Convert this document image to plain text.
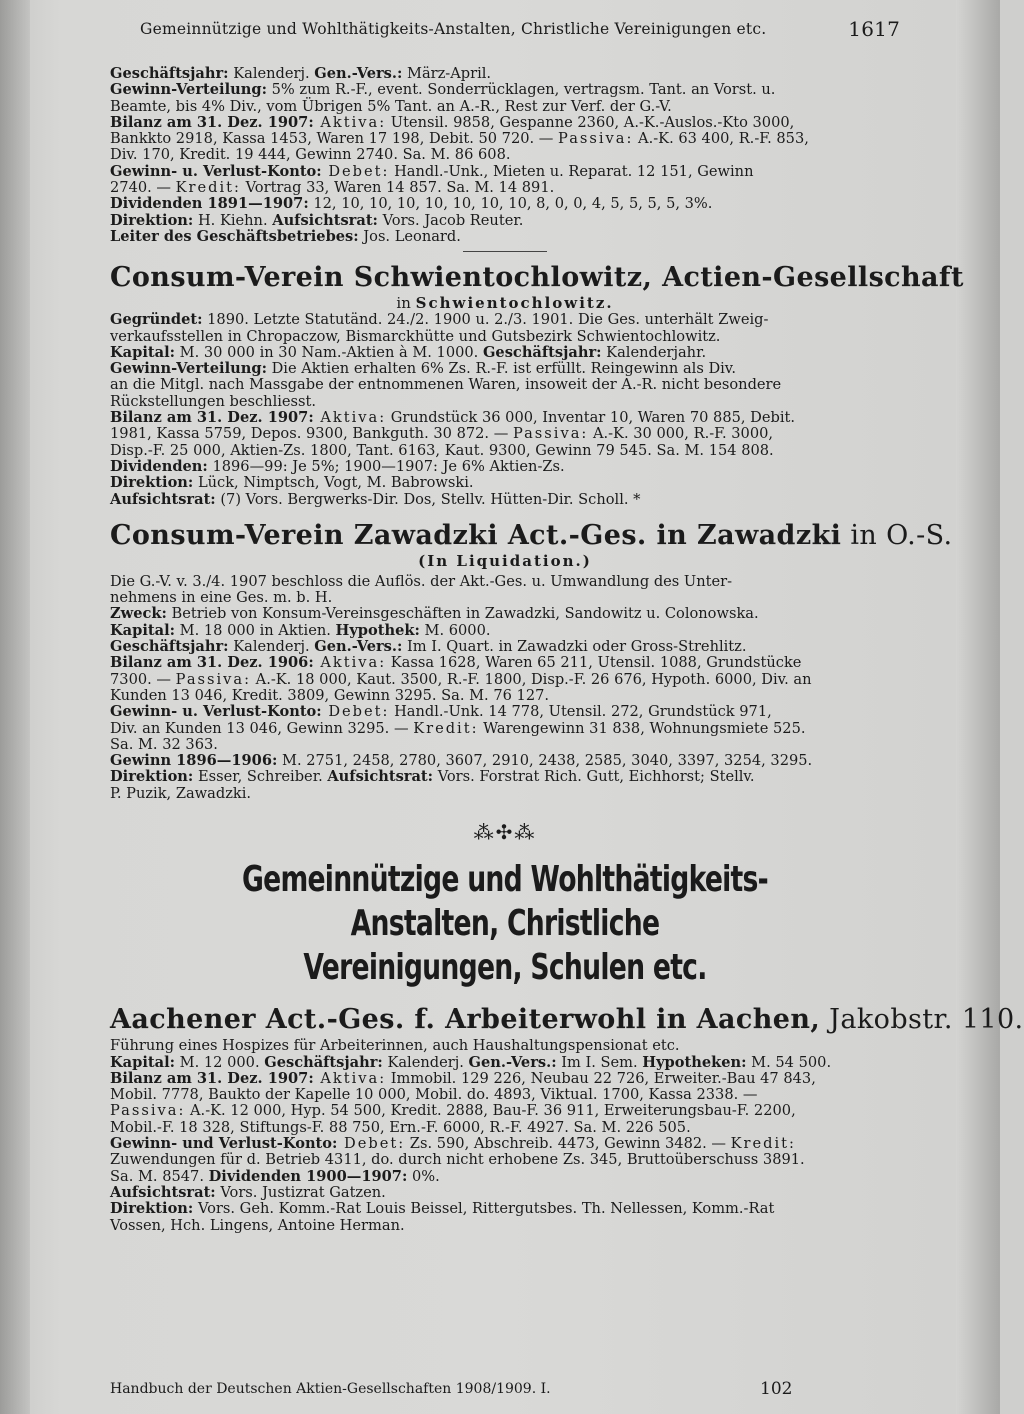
Gemeinnützige und Wohlthätigkeits-Anstalten, Christliche Vereinigungen etc.	1617
Geschäftsjahr: Kalenderj. Gen.-Vers.: März-April.
Gewinn-Verteilung: 5% zum R.-F., event. Sonderrücklagen, vertragsm. Tant. an Vorst. u.
Beamte, bis 4% Div., vom Übrigen 5% Tant. an A.-R., Rest zur Verf. der G.-V.
Bilanz am 31. Dez. 1907: Aktiva: Utensil. 9858, Gespanne 2360, A.-K.-Auslos.-Kto 3000,
Bankkto 2918, Kassa 1453, Waren 17 198, Debit. 50 720. — Passiva: A.-K. 63 400, R.-F. 853,
Div. 170, Kredit. 19 444, Gewinn 2740. Sa. M. 86 608.
Gewinn- u. Verlust-Konto: Debet: Handl.-Unk., Mieten u. Reparat. 12 151, Gewinn
2740. — Kredit: Vortrag 33, Waren 14 857. Sa. M. 14 891.
Dividenden 1891—1907: 12, 10, 10, 10, 10, 10, 10, 10, 8, 0, 0, 4, 5, 5, 5, 5, 3%.
Direktion: H. Kiehn. Aufsichtsrat: Vors. Jacob Reuter.
Leiter des Geschäftsbetriebes: Jos. Leonard.
Consum-Verein Schwientochlowitz, Actien-Gesellschaft
in Schwientochlowitz.
Gegründet: 1890. Letzte Statutänd. 24./2. 1900 u. 2./3. 1901. Die Ges. unterhält Zweig-
verkaufsstellen in Chropaczow, Bismarckhütte und Gutsbezirk Schwientochlowitz.
Kapital: M. 30 000 in 30 Nam.-Aktien à M. 1000. Geschäftsjahr: Kalenderjahr.
Gewinn-Verteilung: Die Aktien erhalten 6% Zs. R.-F. ist erfüllt. Reingewinn als Div.
an die Mitgl. nach Massgabe der entnommenen Waren, insoweit der A.-R. nicht besondere
Rückstellungen beschliesst.
Bilanz am 31. Dez. 1907: Aktiva: Grundstück 36 000, Inventar 10, Waren 70 885, Debit.
1981, Kassa 5759, Depos. 9300, Bankguth. 30 872. — Passiva: A.-K. 30 000, R.-F. 3000,
Disp.-F. 25 000, Aktien-Zs. 1800, Tant. 6163, Kaut. 9300, Gewinn 79 545. Sa. M. 154 808.
Dividenden: 1896—99: Je 5%; 1900—1907: Je 6% Aktien-Zs.
Direktion: Lück, Nimptsch, Vogt, M. Babrowski.
Aufsichtsrat: (7) Vors. Bergwerks-Dir. Dos, Stellv. Hütten-Dir. Scholl. *
Consum-Verein Zawadzki Act.-Ges. in Zawadzki in O.-S.
(In Liquidation.)
Die G.-V. v. 3./4. 1907 beschloss die Auflös. der Akt.-Ges. u. Umwandlung des Unter-
nehmens in eine Ges. m. b. H.
Zweck: Betrieb von Konsum-Vereinsgeschäften in Zawadzki, Sandowitz u. Colonowska.
Kapital: M. 18 000 in Aktien. Hypothek: M. 6000.
Geschäftsjahr: Kalenderj. Gen.-Vers.: Im I. Quart. in Zawadzki oder Gross-Strehlitz.
Bilanz am 31. Dez. 1906: Aktiva: Kassa 1628, Waren 65 211, Utensil. 1088, Grundstücke
7300. — Passiva: A.-K. 18 000, Kaut. 3500, R.-F. 1800, Disp.-F. 26 676, Hypoth. 6000, Div. an
Kunden 13 046, Kredit. 3809, Gewinn 3295. Sa. M. 76 127.
Gewinn- u. Verlust-Konto: Debet: Handl.-Unk. 14 778, Utensil. 272, Grundstück 971,
Div. an Kunden 13 046, Gewinn 3295. — Kredit: Warengewinn 31 838, Wohnungsmiete 525.
Sa. M. 32 363.
Gewinn 1896—1906: M. 2751, 2458, 2780, 3607, 2910, 2438, 2585, 3040, 3397, 3254, 3295.
Direktion: Esser, Schreiber. Aufsichtsrat: Vors. Forstrat Rich. Gutt, Eichhorst; Stellv.
P. Puzik, Zawadzki.
⁂✣⁂
Gemeinnützige und Wohlthätigkeits-Anstalten, Christliche
Vereinigungen, Schulen etc.
Aachener Act.-Ges. f. Arbeiterwohl in Aachen, Jakobstr. 110.
Führung eines Hospizes für Arbeiterinnen, auch Haushaltungspensionat etc.
Kapital: M. 12 000. Geschäftsjahr: Kalenderj. Gen.-Vers.: Im I. Sem. Hypotheken: M. 54 500.
Bilanz am 31. Dez. 1907: Aktiva: Immobil. 129 226, Neubau 22 726, Erweiter.-Bau 47 843,
Mobil. 7778, Baukto der Kapelle 10 000, Mobil. do. 4893, Viktual. 1700, Kassa 2338. —
Passiva: A.-K. 12 000, Hyp. 54 500, Kredit. 2888, Bau-F. 36 911, Erweiterungsbau-F. 2200,
Mobil.-F. 18 328, Stiftungs-F. 88 750, Ern.-F. 6000, R.-F. 4927. Sa. M. 226 505.
Gewinn- und Verlust-Konto: Debet: Zs. 590, Abschreib. 4473, Gewinn 3482. — Kredit:
Zuwendungen für d. Betrieb 4311, do. durch nicht erhobene Zs. 345, Bruttoüberschuss 3891.
Sa. M. 8547. Dividenden 1900—1907: 0%.
Aufsichtsrat: Vors. Justizrat Gatzen.
Direktion: Vors. Geh. Komm.-Rat Louis Beissel, Rittergutsbes. Th. Nellessen, Komm.-Rat
Vossen, Hch. Lingens, Antoine Herman.
Handbuch der Deutschen Aktien-Gesellschaften 1908/1909. I.	102
